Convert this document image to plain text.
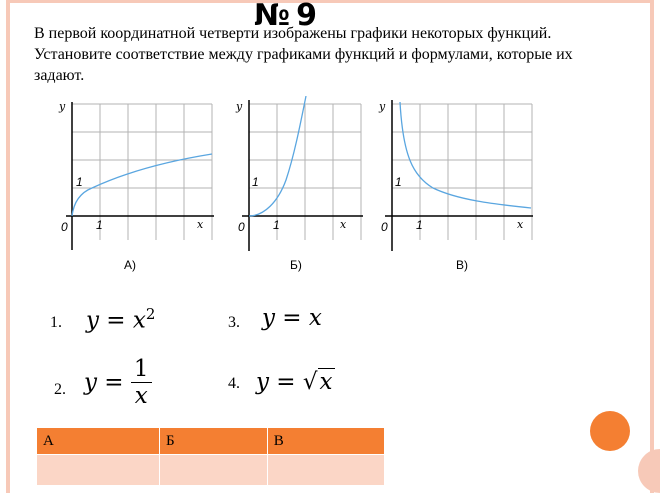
№9

В первой координатной четверти изображены графики некоторых функций. Установите соответствие между графиками функций и формулами, которые их задают.

y
x
0 1
1
А)
y
x
0 1
1
Б)
y
x
0 1
1
В)
1. $y = x^2$	3. y = x
2. $y = \frac{1}{x}$	4. y = √x
А	Б	В
